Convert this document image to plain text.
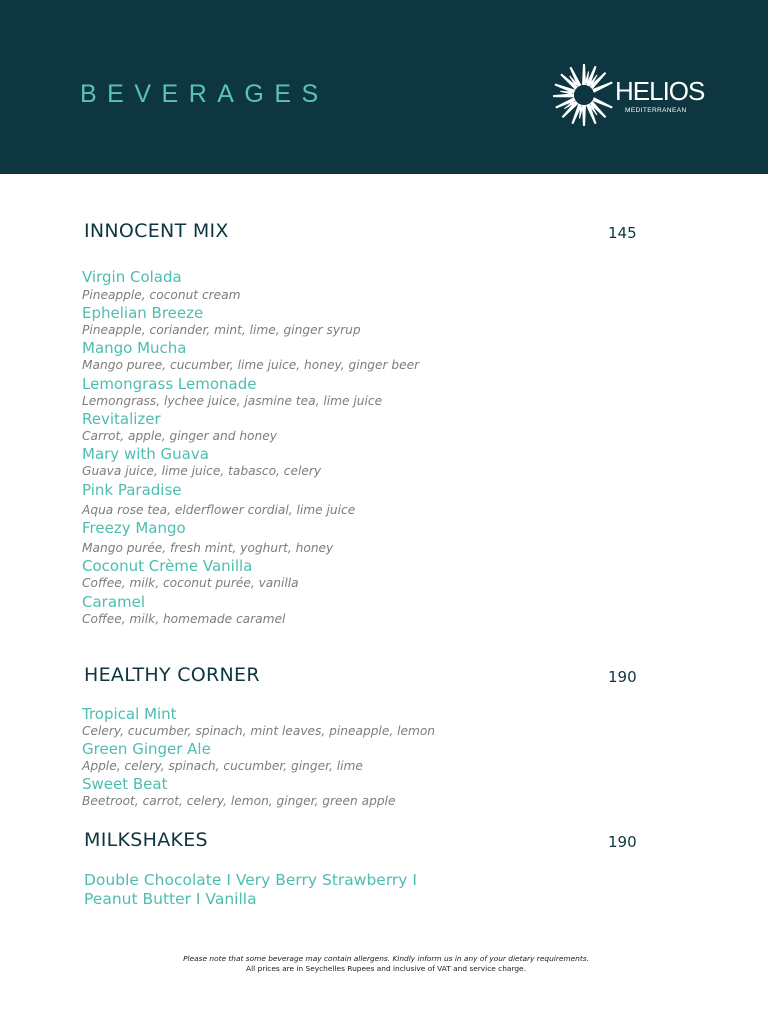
BEVERAGES	HELIOS
MEDITERRANEAN
INNOCENT MIX	145
Virgin Colada
Pineapple, coconut cream
Ephelian Breeze
Pineapple, coriander, mint, lime, ginger syrup
Mango Mucha
Mango puree, cucumber, lime juice, honey, ginger beer
Lemongrass Lemonade
Lemongrass, lychee juice, jasmine tea, lime juice
Revitalizer
Carrot, apple, ginger and honey
Mary with Guava
Guava juice, lime juice, tabasco, celery
Pink Paradise
Aqua rose tea, elderflower cordial, lime juice
Freezy Mango
Mango purée, fresh mint, yoghurt, honey
Coconut Crème Vanilla
Coffee, milk, coconut purée, vanilla
Caramel
Coffee, milk, homemade caramel
HEALTHY CORNER	190
Tropical Mint
Celery, cucumber, spinach, mint leaves, pineapple, lemon
Green Ginger Ale
Apple, celery, spinach, cucumber, ginger, lime
Sweet Beat
Beetroot, carrot, celery, lemon, ginger, green apple
MILKSHAKES	190
Double Chocolate I Very Berry Strawberry I
Peanut Butter I Vanilla
Please note that some beverage may contain allergens. Kindly inform us in any of your dietary requirements.
All prices are in Seychelles Rupees and inclusive of VAT and service charge.
